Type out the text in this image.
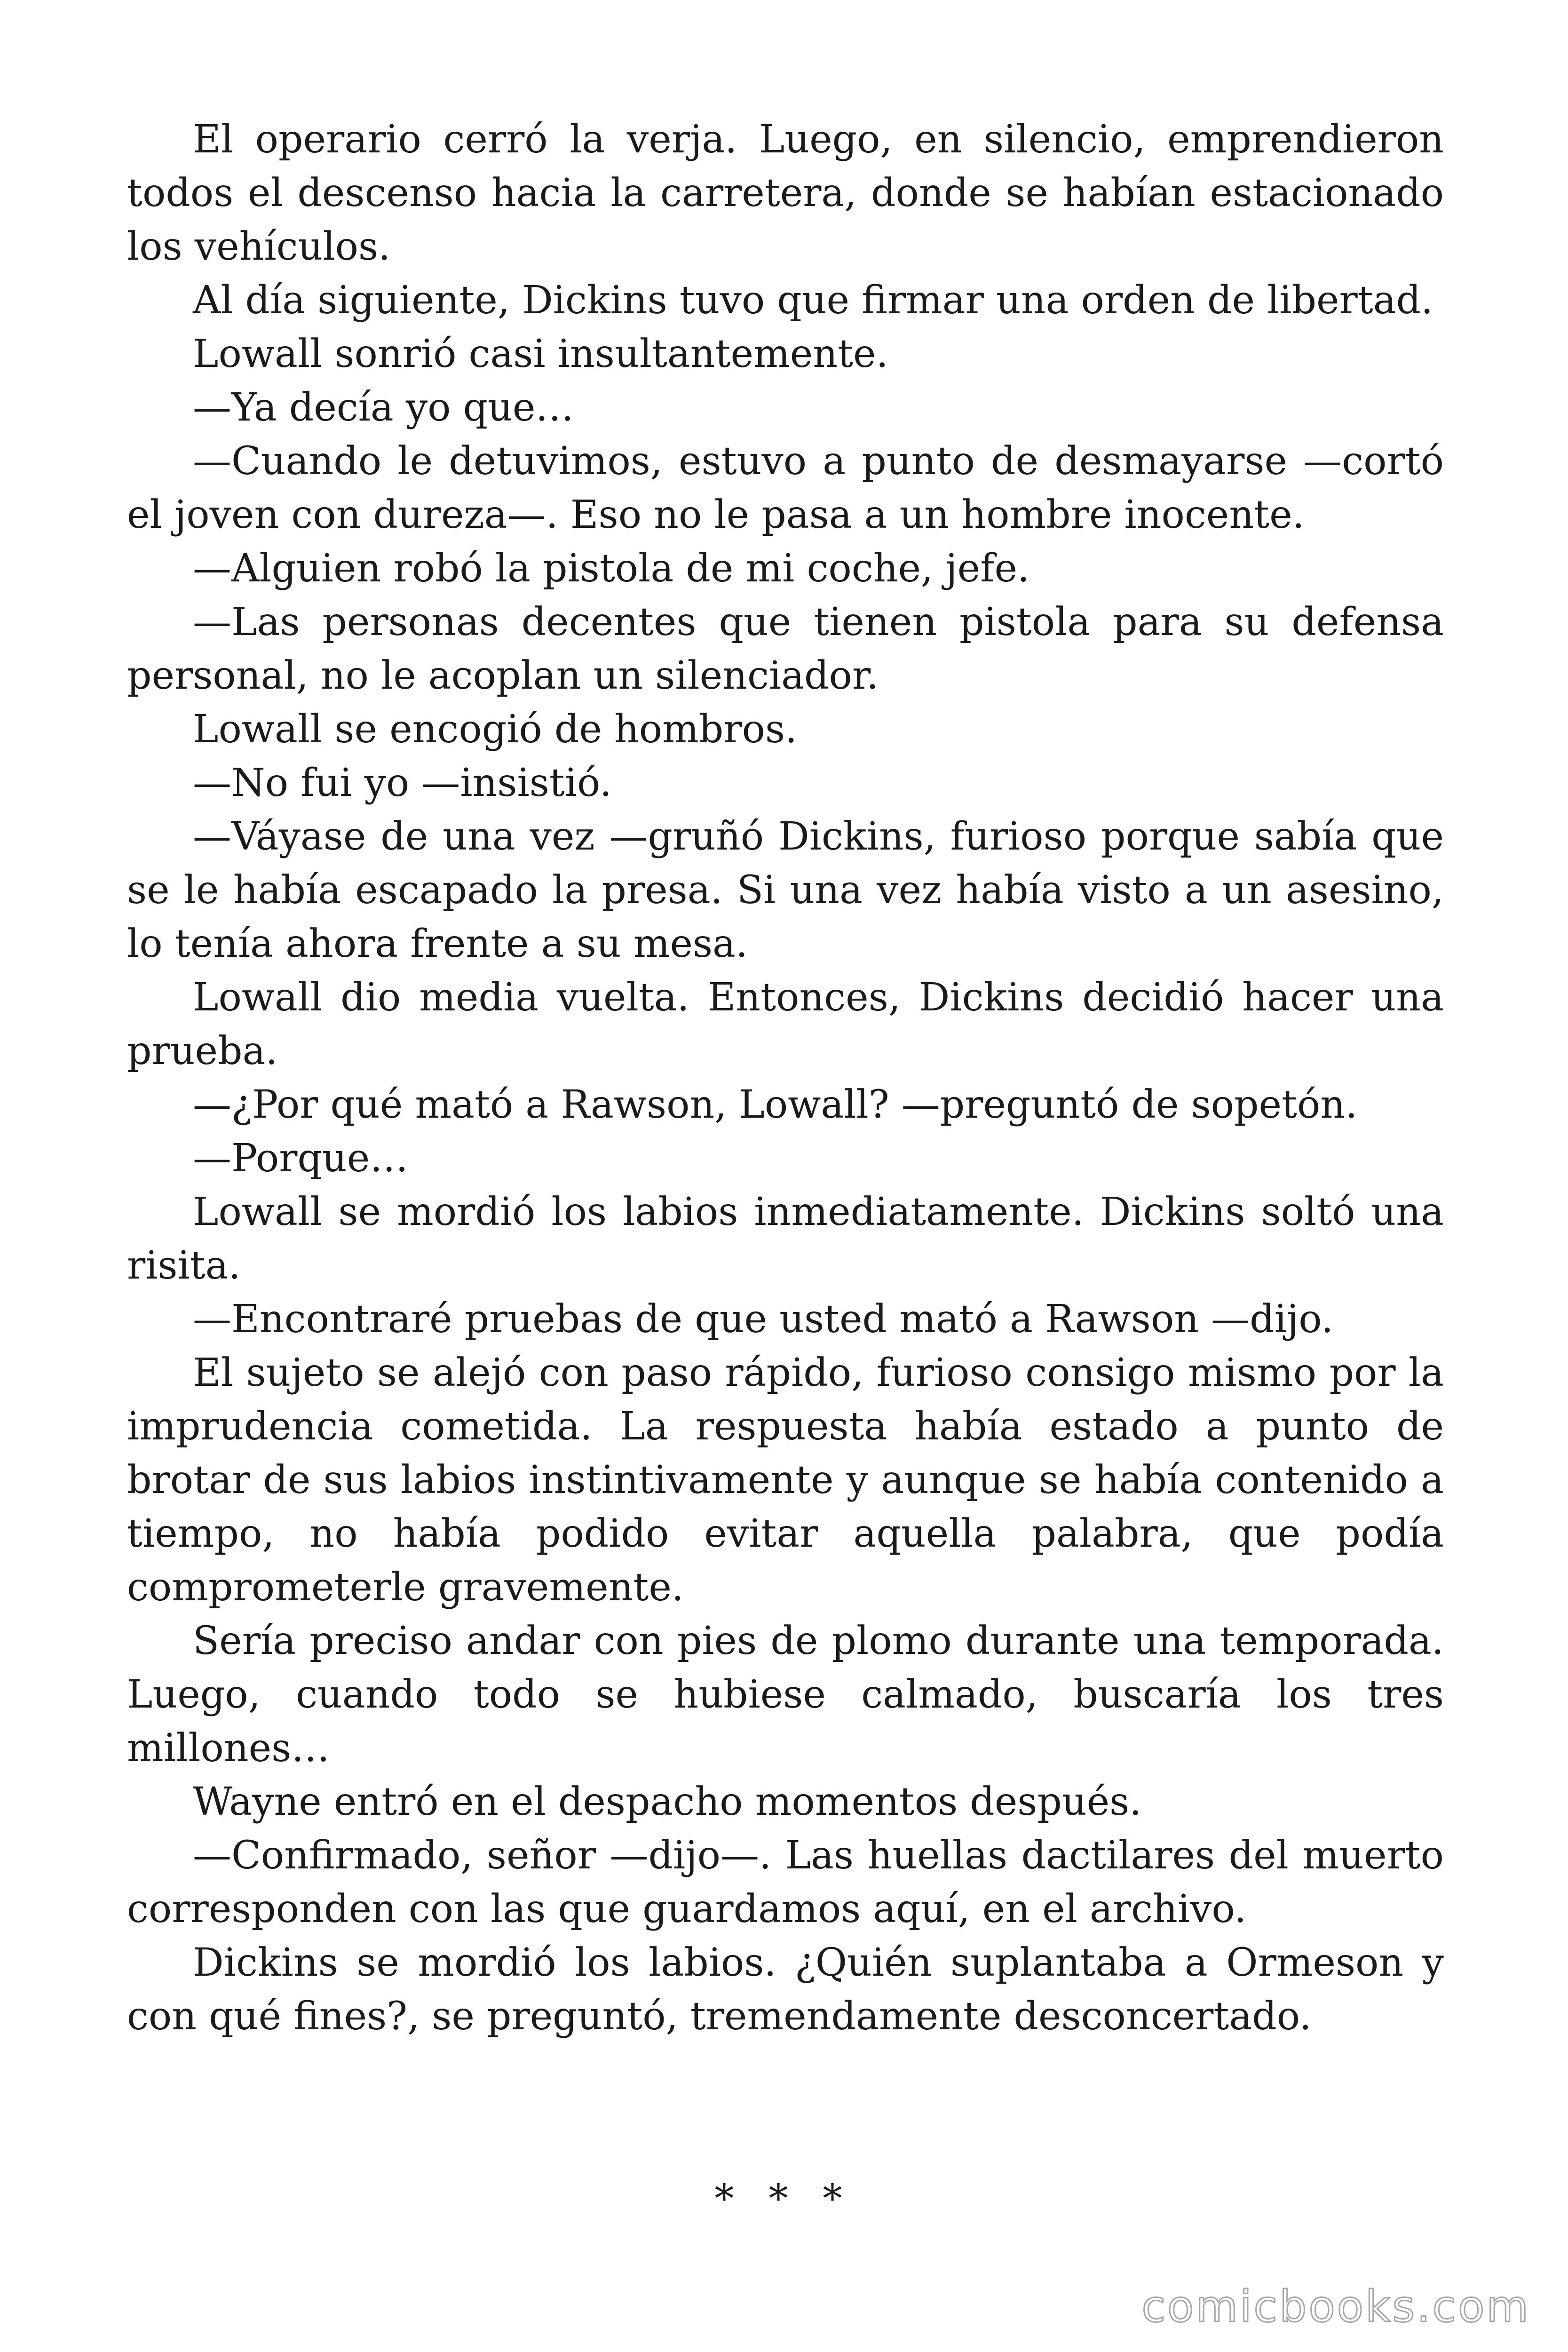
El operario cerró la verja. Luego, en silencio, emprendieron todos el descenso hacia la carretera, donde se habían estacionado los vehículos.

Al día siguiente, Dickins tuvo que firmar una orden de libertad.

Lowall sonrió casi insultantemente.

—Ya decía yo que…

—Cuando le detuvimos, estuvo a punto de desmayarse —cortó el joven con dureza—. Eso no le pasa a un hombre inocente.

—Alguien robó la pistola de mi coche, jefe.

—Las personas decentes que tienen pistola para su defensa personal, no le acoplan un silenciador.

Lowall se encogió de hombros.

—No fui yo —insistió.

—Váyase de una vez —gruñó Dickins, furioso porque sabía que se le había escapado la presa. Si una vez había visto a un asesino, lo tenía ahora frente a su mesa.

Lowall dio media vuelta. Entonces, Dickins decidió hacer una prueba.

—¿Por qué mató a Rawson, Lowall? —preguntó de sopetón.

—Porque…

Lowall se mordió los labios inmediatamente. Dickins soltó una risita.

—Encontraré pruebas de que usted mató a Rawson —dijo.

El sujeto se alejó con paso rápido, furioso consigo mismo por la imprudencia cometida. La respuesta había estado a punto de brotar de sus labios instintivamente y aunque se había contenido a tiempo, no había podido evitar aquella palabra, que podía comprometerle gravemente.

Sería preciso andar con pies de plomo durante una temporada. Luego, cuando todo se hubiese calmado, buscaría los tres millones…

Wayne entró en el despacho momentos después.

—Confirmado, señor —dijo—. Las huellas dactilares del muerto corresponden con las que guardamos aquí, en el archivo.

Dickins se mordió los labios. ¿Quién suplantaba a Ormeson y con qué fines?, se preguntó, tremendamente desconcertado.

* * *
comicbooks.com
